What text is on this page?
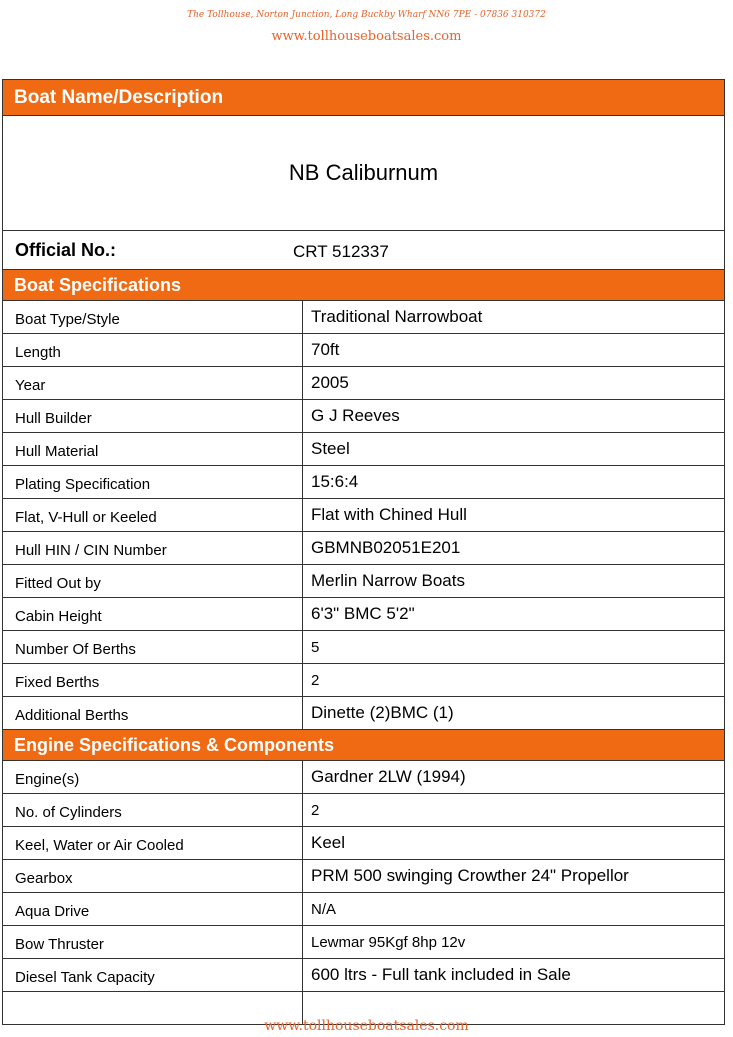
The Tollhouse, Norton Junction, Long Buckby Wharf NN6 7PE - 07836 310372
www.tollhouseboatsales.com
Boat Name/Description
NB Caliburnum
Official No.:	CRT 512337
Boat Specifications
Boat Type/Style	Traditional Narrowboat
Length	70ft
Year	2005
Hull Builder	G J Reeves
Hull Material	Steel
Plating Specification	15:6:4
Flat, V-Hull or Keeled	Flat with Chined Hull
Hull HIN / CIN Number	GBMNB02051E201
Fitted Out by	Merlin Narrow Boats
Cabin Height	6'3" BMC 5'2"
Number Of Berths	5
Fixed Berths	2
Additional Berths	Dinette (2)BMC (1)
Engine Specifications & Components
Engine(s)	Gardner 2LW (1994)
No. of Cylinders	2
Keel, Water or Air Cooled	Keel
Gearbox	PRM 500 swinging Crowther 24" Propellor
Aqua Drive	N/A
Bow Thruster	Lewmar 95Kgf 8hp 12v
Diesel Tank Capacity	600 ltrs - Full tank included in Sale
www.tollhouseboatsales.com
